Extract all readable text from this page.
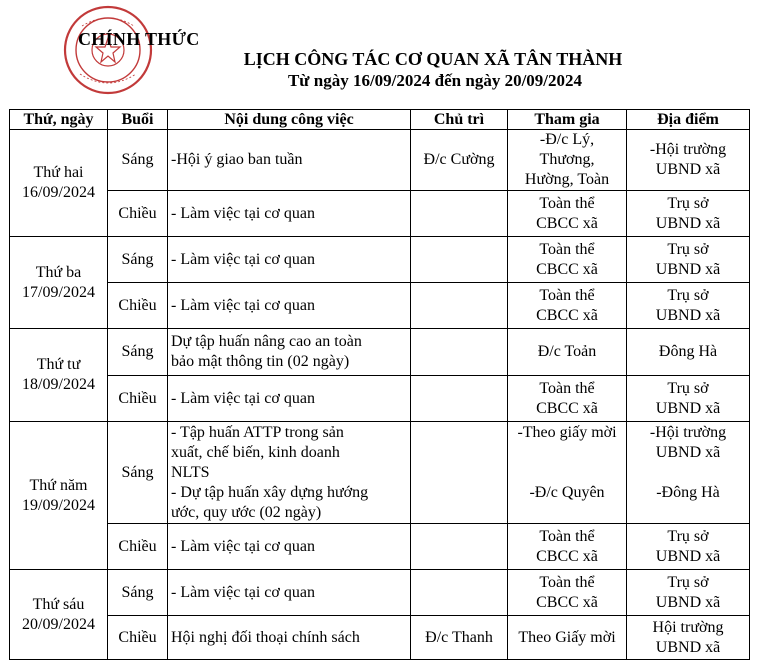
CHÍNH THỨC
LỊCH CÔNG TÁC CƠ QUAN XÃ TÂN THÀNH
Từ ngày 16/09/2024 đến ngày 20/09/2024
Thứ, ngày	Buổi	Nội dung công việc	Chủ trì	Tham gia	Địa điểm

Thứ hai
16/09/2024	Sáng	-Hội ý giao ban tuần	Đ/c Cường	-Đ/c Lý,
Thương,
Hường, Toàn	-Hội trường
UBND xã

	Chiều	- Làm việc tại cơ quan		Toàn thể
CBCC xã	Trụ sở
UBND xã

Thứ ba
17/09/2024	Sáng	- Làm việc tại cơ quan		Toàn thể
CBCC xã	Trụ sở
UBND xã

	Chiều	- Làm việc tại cơ quan		Toàn thể
CBCC xã	Trụ sở
UBND xã

Thứ tư
18/09/2024	Sáng	Dự tập huấn nâng cao an toàn
bảo mật thông tin (02 ngày)		Đ/c Toản	Đông Hà

	Chiều	- Làm việc tại cơ quan		Toàn thể
CBCC xã	Trụ sở
UBND xã

Thứ năm
19/09/2024	Sáng	- Tập huấn ATTP trong sản
xuất, chế biến, kinh doanh
NLTS
- Dự tập huấn xây dựng hướng
ước, quy ước (02 ngày)		-Theo giấy mời
-Đ/c Quyên	-Hội trường
UBND xã
-Đông Hà

	Chiều	- Làm việc tại cơ quan		Toàn thể
CBCC xã	Trụ sở
UBND xã

Thứ sáu
20/09/2024	Sáng	- Làm việc tại cơ quan		Toàn thể
CBCC xã	Trụ sở
UBND xã

	Chiều	Hội nghị đối thoại chính sách	Đ/c Thanh	Theo Giấy mời	Hội trường
UBND xã
